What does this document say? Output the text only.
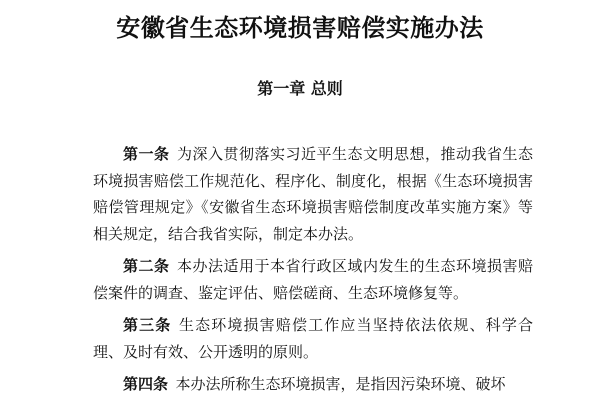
安徽省生态环境损害赔偿实施办法
第一章 总则

第一条 为深入贯彻落实习近平生态文明思想，推动我省生态环境损害赔偿工作规范化、程序化、制度化，根据《生态环境损害赔偿管理规定》《安徽省生态环境损害赔偿制度改革实施方案》等相关规定，结合我省实际，制定本办法。

第二条 本办法适用于本省行政区域内发生的生态环境损害赔偿案件的调查、鉴定评估、赔偿磋商、生态环境修复等。

第三条 生态环境损害赔偿工作应当坚持依法依规、科学合理、及时有效、公开透明的原则。

第四条 本办法所称生态环境损害，是指因污染环境、破坏
